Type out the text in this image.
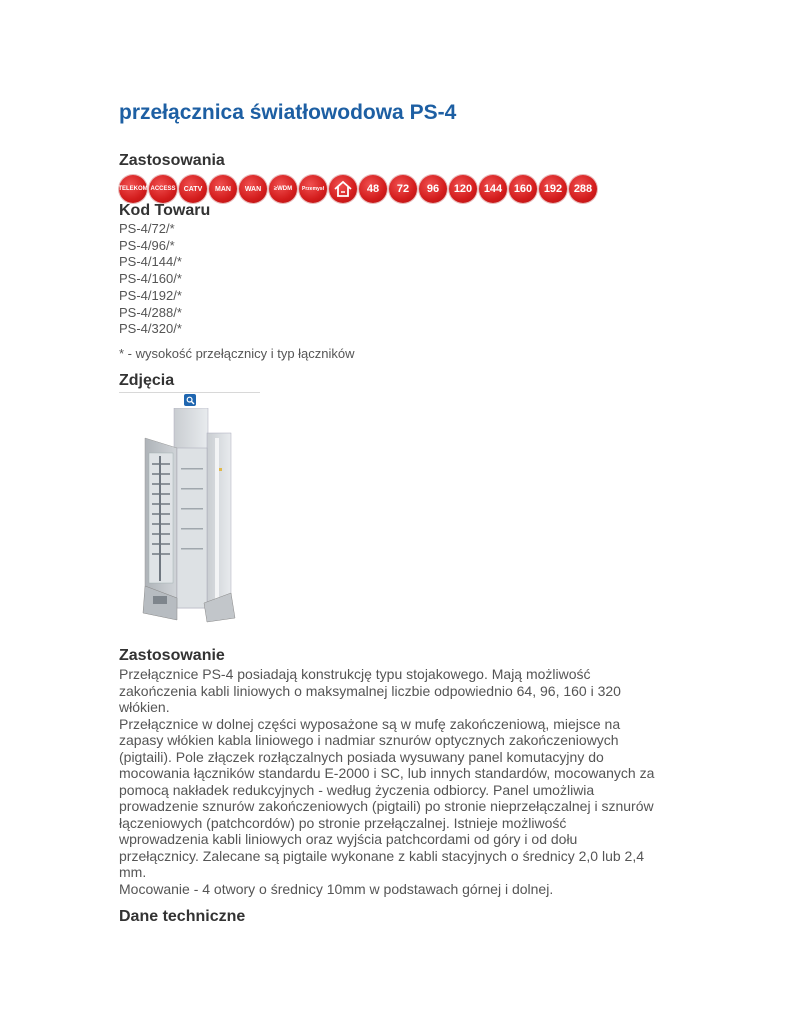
przełącznica światłowodowa PS-4
Zastosowania
TELEKOM ACCESS	CATV	MAN	WAN	≥WDM	Przemysł	48	72	96	120	144	160	192	288
Kod Towaru
PS-4/72/*
PS-4/96/*
PS-4/144/*
PS-4/160/*
PS-4/192/*
PS-4/288/*
PS-4/320/*
* - wysokość przełącznicy i typ łączników
Zdjęcia
Zastosowanie

Przełącznice PS-4 posiadają konstrukcję typu stojakowego. Mają możliwość zakończenia kabli liniowych o maksymalnej liczbie odpowiednio 64, 96, 160 i 320 włókien.

Przełącznice w dolnej części wyposażone są w mufę zakończeniową, miejsce na zapasy włókien kabla liniowego i nadmiar sznurów optycznych zakończeniowych (pigtaili). Pole złączek rozłączalnych posiada wysuwany panel komutacyjny do mocowania łączników standardu E-2000 i SC, lub innych standardów, mocowanych za pomocą nakładek redukcyjnych - według życzenia odbiorcy. Panel umożliwia prowadzenie sznurów zakończeniowych (pigtaili) po stronie nieprzełączalnej i sznurów łączeniowych (patchcordów) po stronie przełączalnej. Istnieje możliwość wprowadzenia kabli liniowych oraz wyjścia patchcordami od góry i od dołu przełącznicy. Zalecane są pigtaile wykonane z kabli stacyjnych o średnicy 2,0 lub 2,4 mm.

Mocowanie - 4 otwory o średnicy 10mm w podstawach górnej i dolnej.

Dane techniczne
